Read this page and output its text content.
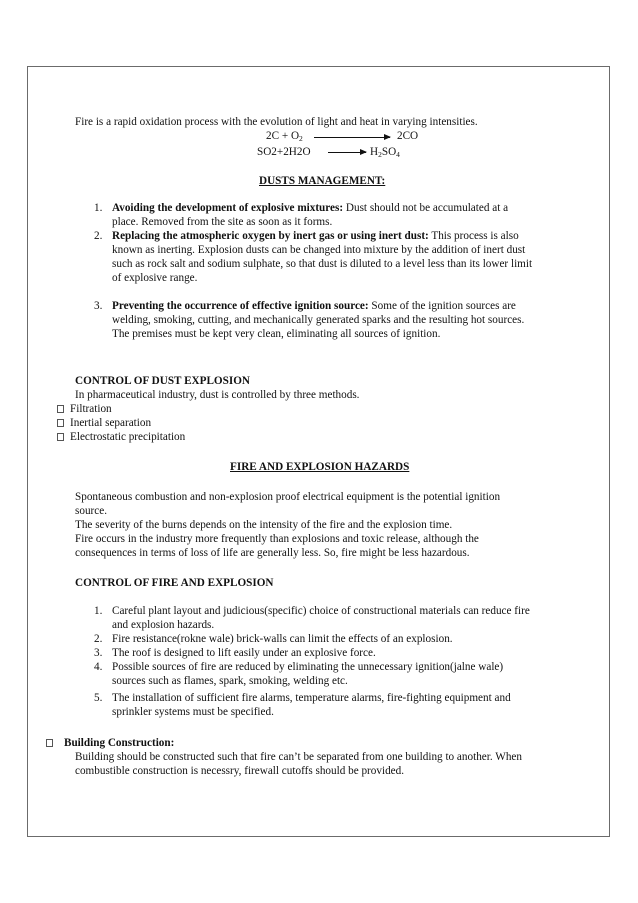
Fire is a rapid oxidation process with the evolution of light and heat in varying intensities.
$2C + O_2$	2CO
$SO2+2H2O \to H_2SO_4$
DUSTS MANAGEMENT:
1. Avoiding the development of explosive mixtures: Dust should not be accumulated at a
place. Removed from the site as soon as it forms.
2. Replacing the atmospheric oxygen by inert gas or using inert dust: This process is also
known as inerting. Explosion dusts can be changed into mixture by the addition of inert dust
such as rock salt and sodium sulphate, so that dust is diluted to a level less than its lower limit
of explosive range.
3. Preventing the occurrence of effective ignition source: Some of the ignition sources are
welding, smoking, cutting, and mechanically generated sparks and the resulting hot sources.
The premises must be kept very clean, eliminating all sources of ignition.
CONTROL OF DUST EXPLOSION
In pharmaceutical industry, dust is controlled by three methods.
Filtration
Inertial separation
Electrostatic precipitation
FIRE AND EXPLOSION HAZARDS
Spontaneous combustion and non-explosion proof electrical equipment is the potential ignition
source.
The severity of the burns depends on the intensity of the fire and the explosion time.
Fire occurs in the industry more frequently than explosions and toxic release, although the
consequences in terms of loss of life are generally less. So, fire might be less hazardous.
CONTROL OF FIRE AND EXPLOSION
1. Careful plant layout and judicious(specific) choice of constructional materials can reduce fire
and explosion hazards.
2. Fire resistance(rokne wale) brick-walls can limit the effects of an explosion.
3. The roof is designed to lift easily under an explosive force.
4. Possible sources of fire are reduced by eliminating the unnecessary ignition(jalne wale)
sources such as flames, spark, smoking, welding etc.
5. The installation of sufficient fire alarms, temperature alarms, fire-fighting equipment and
sprinkler systems must be specified.
Building Construction:
Building should be constructed such that fire can’t be separated from one building to another. When
combustible construction is necessry, firewall cutoffs should be provided.
